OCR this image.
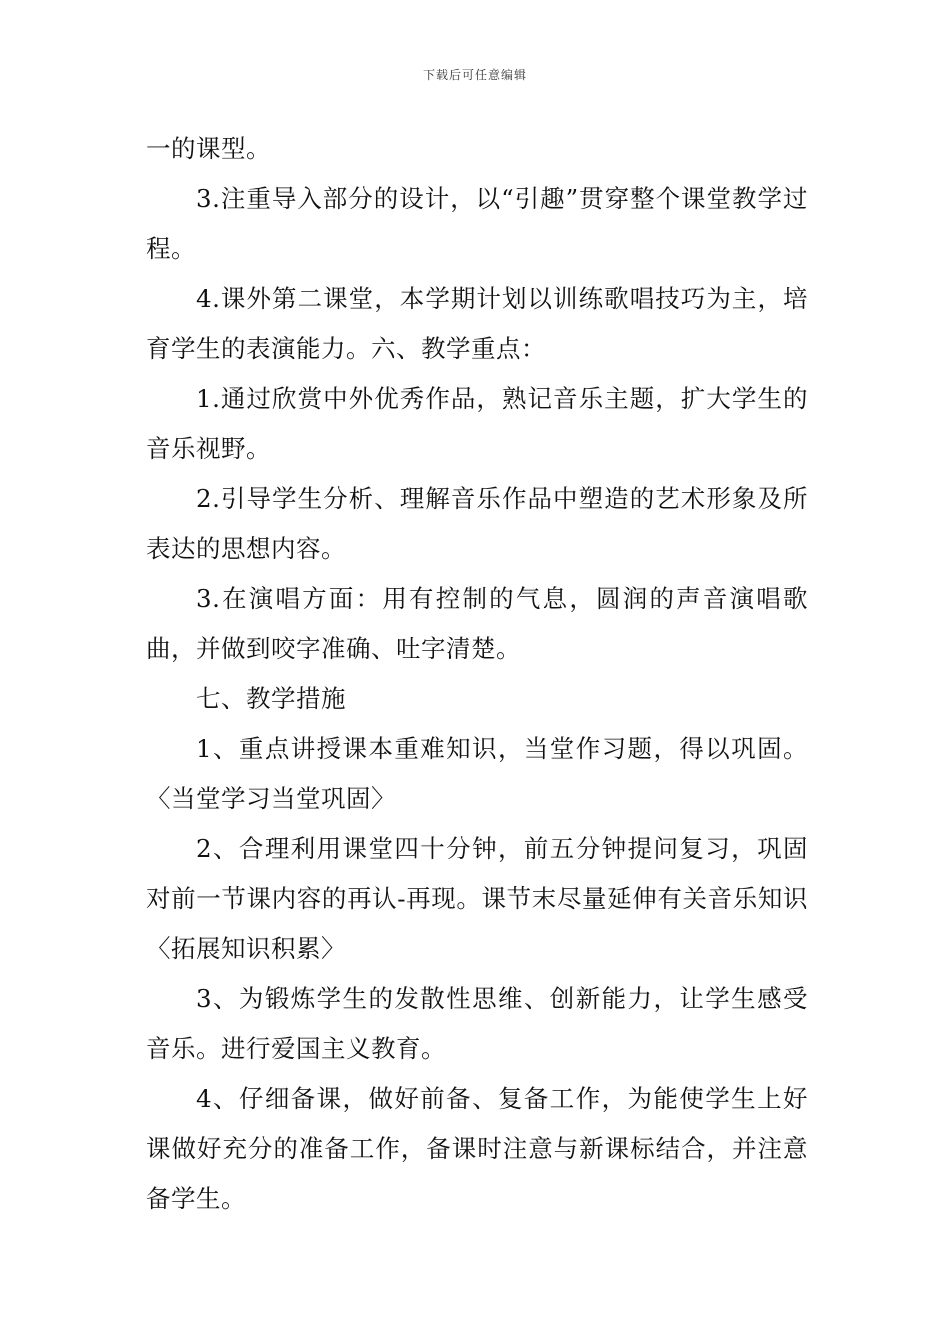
下载后可任意编辑

一的课型。

3.注重导入部分的设计，以“引趣”贯穿整个课堂教学过程。

4.课外第二课堂，本学期计划以训练歌唱技巧为主，培育学生的表演能力。六、教学重点：

1.通过欣赏中外优秀作品，熟记音乐主题，扩大学生的音乐视野。

2.引导学生分析、理解音乐作品中塑造的艺术形象及所表达的思想内容。

3.在演唱方面：用有控制的气息，圆润的声音演唱歌曲，并做到咬字准确、吐字清楚。

七、教学措施

1、重点讲授课本重难知识，当堂作习题，得以巩固。〈当堂学习当堂巩固〉

2、合理利用课堂四十分钟，前五分钟提问复习，巩固对前一节课内容的再认-再现。课节末尽量延伸有关音乐知识〈拓展知识积累〉

3、为锻炼学生的发散性思维、创新能力，让学生感受音乐。进行爱国主义教育。

4、仔细备课，做好前备、复备工作，为能使学生上好课做好充分的准备工作，备课时注意与新课标结合，并注意备学生。
